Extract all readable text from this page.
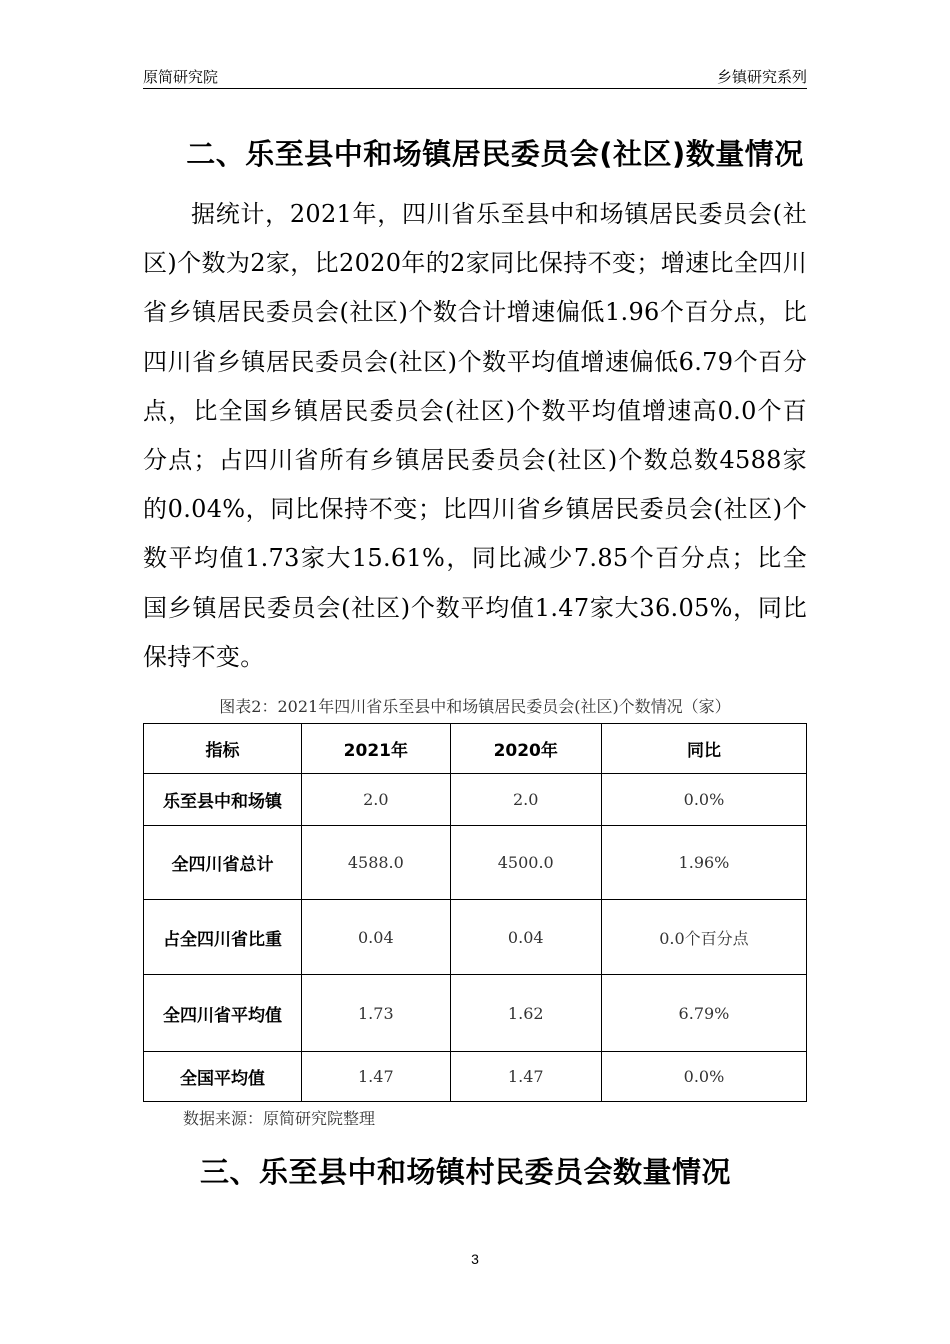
原简研究院	乡镇研究系列
二、乐至县中和场镇居民委员会(社区)数量情况

据统计，2021年，四川省乐至县中和场镇居民委员会(社区)个数为2家，比2020年的2家同比保持不变；增速比全四川省乡镇居民委员会(社区)个数合计增速偏低1.96个百分点，比四川省乡镇居民委员会(社区)个数平均值增速偏低6.79个百分点，比全国乡镇居民委员会(社区)个数平均值增速高0.0个百分点；占四川省所有乡镇居民委员会(社区)个数总数4588家的0.04%，同比保持不变；比四川省乡镇居民委员会(社区)个数平均值1.73家大15.61%，同比减少7.85个百分点；比全国乡镇居民委员会(社区)个数平均值1.47家大36.05%，同比保持不变。

图表2：2021年四川省乐至县中和场镇居民委员会(社区)个数情况（家）
指标	2021年	2020年	同比
乐至县中和场镇	2.0	2.0	0.0%
全四川省总计	4588.0	4500.0	1.96%
占全四川省比重	0.04	0.04	0.0个百分点
全四川省平均值	1.73	1.62	6.79%
全国平均值	1.47	1.47	0.0%
数据来源：原简研究院整理
三、乐至县中和场镇村民委员会数量情况
3
